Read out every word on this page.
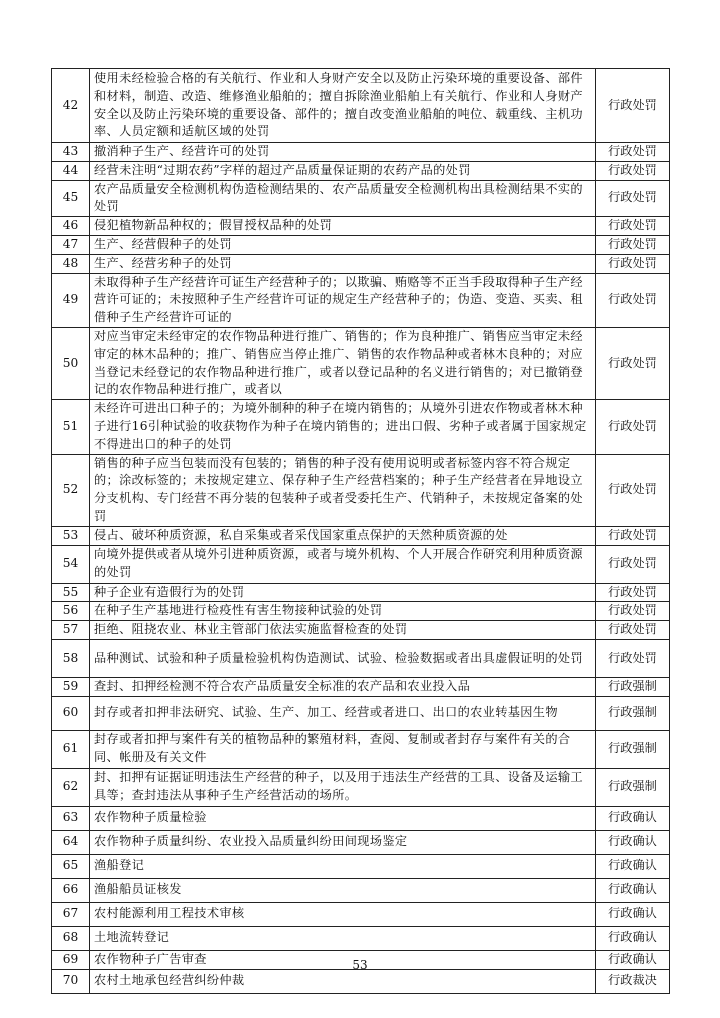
42	使用未经检验合格的有关航行、作业和人身财产安全以及防止污染环境的重要设备、部件和材料，制造、改造、维修渔业船舶的；擅自拆除渔业船舶上有关航行、作业和人身财产安全以及防止污染环境的重要设备、部件的；擅自改变渔业船舶的吨位、载重线、主机功率、人员定额和适航区域的处罚	行政处罚
43	撤消种子生产、经营许可的处罚	行政处罚
44	经营未注明“过期农药”字样的超过产品质量保证期的农药产品的处罚	行政处罚
45	农产品质量安全检测机构伪造检测结果的、农产品质量安全检测机构出具检测结果不实的处罚	行政处罚
46	侵犯植物新品种权的；假冒授权品种的处罚	行政处罚
47	生产、经营假种子的处罚	行政处罚
48	生产、经营劣种子的处罚	行政处罚
49	未取得种子生产经营许可证生产经营种子的；以欺骗、贿赂等不正当手段取得种子生产经营许可证的；未按照种子生产经营许可证的规定生产经营种子的；伪造、变造、买卖、租借种子生产经营许可证的	行政处罚
50	对应当审定未经审定的农作物品种进行推广、销售的；作为良种推广、销售应当审定未经审定的林木品种的；推广、销售应当停止推广、销售的农作物品种或者林木良种的；对应当登记未经登记的农作物品种进行推广，或者以登记品种的名义进行销售的；对已撤销登记的农作物品种进行推广，或者以	行政处罚
51	未经许可进出口种子的；为境外制种的种子在境内销售的；从境外引进农作物或者林木种子进行16引种试验的收获物作为种子在境内销售的；进出口假、劣种子或者属于国家规定不得进出口的种子的处罚	行政处罚
52	销售的种子应当包装而没有包装的；销售的种子没有使用说明或者标签内容不符合规定的；涂改标签的；未按规定建立、保存种子生产经营档案的；种子生产经营者在异地设立分支机构、专门经营不再分装的包装种子或者受委托生产、代销种子，未按规定备案的处罚	行政处罚
53	侵占、破坏种质资源，私自采集或者采伐国家重点保护的天然种质资源的处	行政处罚
54	向境外提供或者从境外引进种质资源，或者与境外机构、个人开展合作研究利用种质资源的处罚	行政处罚
55	种子企业有造假行为的处罚	行政处罚
56	在种子生产基地进行检疫性有害生物接种试验的处罚	行政处罚
57	拒绝、阻挠农业、林业主管部门依法实施监督检查的处罚	行政处罚
58	品种测试、试验和种子质量检验机构伪造测试、试验、检验数据或者出具虚假证明的处罚	行政处罚
59	查封、扣押经检测不符合农产品质量安全标准的农产品和农业投入品	行政强制
60	封存或者扣押非法研究、试验、生产、加工、经营或者进口、出口的农业转基因生物	行政强制
61	封存或者扣押与案件有关的植物品种的繁殖材料，查阅、复制或者封存与案件有关的合同、帐册及有关文件	行政强制
62	封、扣押有证据证明违法生产经营的种子，以及用于违法生产经营的工具、设备及运输工具等；查封违法从事种子生产经营活动的场所。	行政强制
63	农作物种子质量检验	行政确认
64	农作物种子质量纠纷、农业投入品质量纠纷田间现场鉴定	行政确认
65	渔船登记	行政确认
66	渔船船员证核发	行政确认
67	农村能源利用工程技术审核	行政确认
68	土地流转登记	行政确认
69	农作物种子广告审查	行政确认
70	农村土地承包经营纠纷仲裁	行政裁决
53
